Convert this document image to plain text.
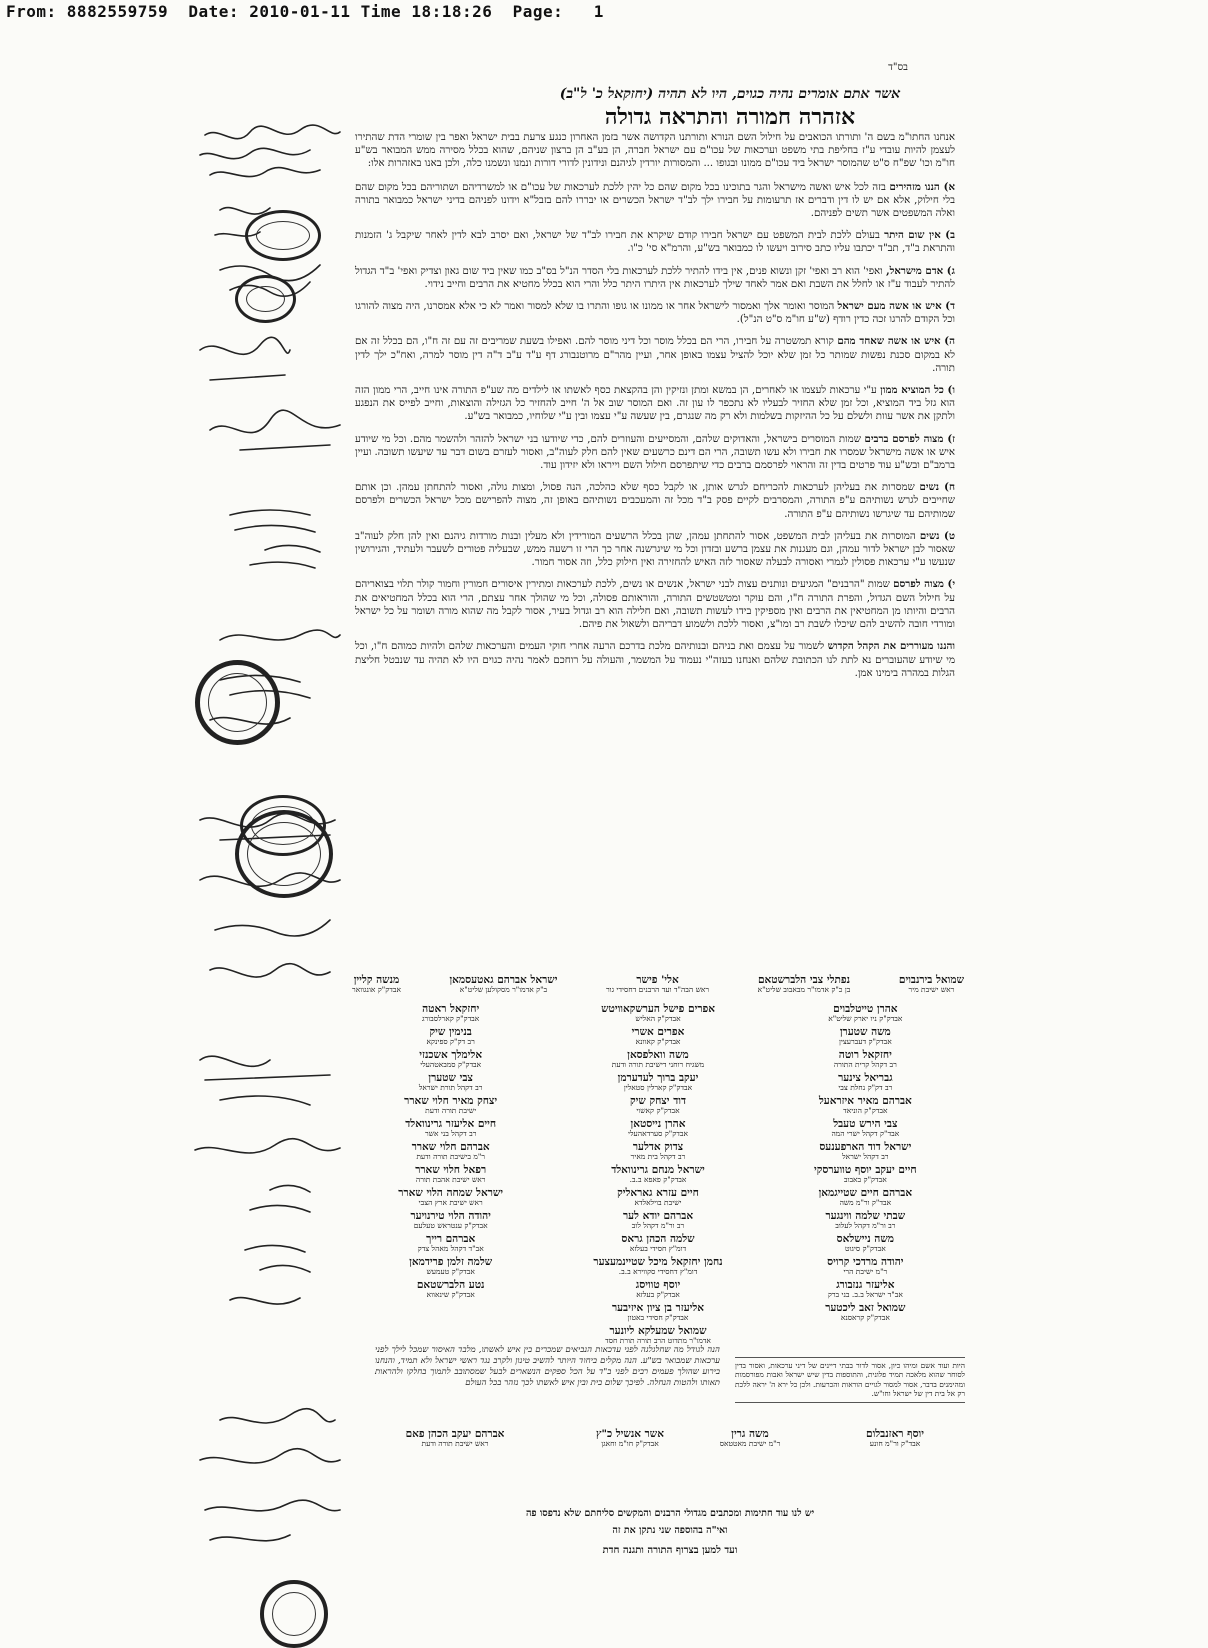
From: 8882559759  Date: 2010-01-11 Time 18:18:26  Page:   1
בס"ד
אשר אתם אומרים נהיה כגוים, היו לא תהיה (יחזקאל כ' ל"ב)
אזהרה חמורה והתראה גדולה

אנחנו החתו"מ בשם ה' ותורתו הכואבים על חילול השם הנורא ותורתנו הקדושה אשר בזמן האחרון כנגע צרעת בבית ישראל ואפר בין שומרי הדת שהתירו לעצמן להיות עובדי ע"ז בחליפת בתי משפט וערכאות של עכו"ם עם ישראל חברה, הן בע"ב הן ברצון שניהם, שהוא בכלל מסירה ממש המבואר בש"ע חו"מ וכו' שפ"ח ס"ט שהמוסר ישראל ביד עכו"ם ממונו ובגופו ... והמסורות יורדין לגיהנם ונידונין לדורי דורות ונמנו ונשמנו כלה, ולכן באנו באזהרות אלו:

א) הננו מזהירים בזה לכל איש ואשה מישראל והגר בתוכינו בכל מקום שהם כל יהין ללכת לערכאות של עכו"ם או למשרדיהם ושתוריהם בכל מקום שהם בלי חילוק, אלא אם יש לו דין ודברים אז תרעומות על חבירו ילך לב"ד ישראל הכשרים או יבררו להם בזבל"א וידונו לפניהם בדיני ישראל כמבואר בתורה ואלה המשפטים אשר תשים לפניהם.

ב) אין שום היתר בעולם ללכת לבית המשפט עם ישראל חבירו קודם שיקרא את חבירו לב"ד של ישראל, ואם יסרב לבא לדין לאחר שיקבל ג' הזמנות והתראת ב"ד, תב"ד יכתבו עליו כתב סירוב ויעשו לו כמבואר בש"ע, והרמ"א סי' כ"ו.

ג) אדם מישראל, ואפי' הוא רב ואפי' זקן ונשוא פנים, אין בידו להתיר ללכת לערכאות בלי הסדר הנ"ל בס"ב כמו שאין ביד שום גאון וצדיק ואפי' ב"ד הגדול להתיר לעבוד ע"ז או לחלל את השבת ואם אמר לאחד שילך לערכאות אין היתרו היתר כלל והרי הוא בכלל מחטיא את הרבים וחייב נידוי.

ד) איש או אשה מעם ישראל המוסר ואומר אלך ואמסור לישראל אחר או ממונו או גופו והתרו בו שלא למסור ואמר לא כי אלא אמסרנו, היה מצוה להורגו וכל הקודם להרגו זכה כדין רודף (ש"ע חו"מ ס"ט הנ"ל).

ה) איש או אשה שאחד מהם קורא תמשטרה על חבירו, הרי הם בכלל מוסר וכל דיני מוסר להם. ואפילו בשעת שמריבים זה עם זה ח"ו, הם בכלל זה אם לא במקום סכנת נפשות שמותר כל זמן שלא יוכל להציל עצמו באופן אחר, ועיין מהר"ם מרוטנבורג דף ע"ד ע"ב ד"ה דין מוסר למרה, ואח"כ ילך לדין תורה.

ו) כל המוציא ממון ע"י ערכאות לעצמו או לאחרים, הן במשא ומתן ונזיקין והן בהקצאת כסף לאשתו או לילדים מה שע"פ התורה אינו חייב, הרי ממון הזה הוא גזל ביד המוציא, וכל זמן שלא החזיר לבעליו לא נתכפר לו עון זה. ואם המוסר שוב אל ה' חייב להחזיר כל הגזילה והוצאות, וחייב לפייס את הנפגע ולתקן את אשר עוות ולשלם על כל ההיזקות בשלמות ולא רק מה שנגרם, בין שעשה ע"י עצמו ובין ע"י שלוחיו, כמבואר בש"ע.

ז) מצוה לפרסם ברבים שמות המוסרים בישראל, והאדוקים שלהם, והמסייעים והעוזרים להם, כדי שיודעו בני ישראל להזהר ולהשמר מהם. וכל מי שיודע איש או אשה מישראל שמסרו את חבירו ולא עשו תשובה, הרי הם דינם כרשעים שאין להם חלק לעוה"ב, ואסור לעזרם בשום דבר עד שיעשו תשובה. ועיין ברמב"ם ובש"ע עוד פרטים בדין זה והראוי לפרסמם ברבים כדי שיתפרסם חילול השם וייראו ולא יזידון עוד.

ח) נשים שמסרות את בעליהן לערכאות להכריחם לגרש אותן, או לקבל כסף שלא כהלכה, הנה פסול, ומצות גולה, ואסור להתחתן עמהן. וכן אותם שחייבים לגרש נשותיהם ע"פ התורה, והמסרבים לקיים פסק ב"ד מכל זה והמעכבים נשותיהם באופן זה, מצוה להפרישם מכל ישראל הכשרים ולפרסם שמותיהם עד שיגרשו נשותיהם ע"פ התורה.

ט) נשים המוסרות את בעליהן לבית המשפט, אסור להתחתן עמהן, שהן בכלל הרשעים המורידין ולא מעלין ובנות מורדות גיהנם ואין להן חלק לעוה"ב שאסור לבן ישראל לדור עמהן, וגם מעגנות את עצמן ברשע ובזדון וכל מי שיגרשנה אחר כך הרי זו רשעה ממש, שבעליה פטורים לשעבר ולעתיד, והגירושין שנעשו ע"י ערכאות פסולין לגמרי ואסורה לבעלה שאסור לזה האיש להחזירה ואין חילוק כלל, וזה אסור חמור.

י) מצוה לפרסם שמות "הרבנים" המגיעים ונותנים עצות לבני ישראל, אנשים או נשים, ללכת לערכאות ומתירין איסורים חמורין וחמור קולר תלוי בצואריהם על חילול השם הגדול, והפרת התורה ח"ו, והם עוקר ומטשטשים התורה, והוראותם פסולה, וכל מי שהולך אחר עצתם, הרי הוא בכלל המחטיאים את הרבים והיותו מן המחטיאין את הרבים ואין מספיקין בידו לעשות תשובה, ואם חלילה הוא רב וגדול בעיר, אסור לקבל מה שהוא מורה ושומר על כל ישראל ומורדי חובה להשיב להם שיכלו לשבת רב ומו"צ, ואסור ללכת ולשמוע דבריהם ולשאול את פיהם.

והננו מעוררים את הקהל הקדוש לשמור על עצמם ואת בניהם ובנותיהם מלכת בדרכם הרעה אחרי חוקי העמים והערכאות שלהם ולהיות כמוהם ח"ו, וכל מי שיודע שהעוברים נא לתת לנו הכתובת שלהם ואנחנו בעזה"י נעמוד על המשמר, והעולה על רוחכם לאמר נהיה כגוים היו לא תהיה עד שנבטל חליצת הגלות במהרה בימינו אמן.

שמואל בירנבוים
ראש ישיבת מיר
נפתלי צבי הלברשטאם
בן כ"ק אדמו"ר מבאבוב שליט"א
אלי' פישר
ראש הבה"ד ועד הרבנים דחסידי גור
ישראל אברהם גאטעסמאן
ב"ק אדמו"ר מסקולען שליט"א
מנשה קליין
אבדק"ק אונגוואר
אהרן טייטלבוים
אבדק"ק ניו יארק שליט"א
אפרים פישל הערשקאוויטש
אבדק"ק האליש
יחזקאל ראטה
אבדק"ק קארלסבורג
משה שטערן
אבדק"ק דעברעצין
אפרים אשרי
אבדק"ק קאוונא
בנימין שיק
רב דק"ק ספינקא
יחזקאל רוטה
רב דקהל קרית התורה
משה וואלפסאן
משגיח רוחני דישיבת תורה ודעת
אלימלך אשכנזי
אבדק"ק סמבאטהעלי
גבריאל צינער
רב דק"ק נחלת צבי
יעקב ברוך לעדערמן
אבדק"ק קארלין סטאלין
צבי שטערן
רב דקהל תורת ישראל
אברהם מאיר איזראעל
אבדק"ק הוניאד
דוד יצחק שיק
אבדק"ק קאשוי
יצחק מאיר חלוי שארר
ישיבת תורה ודעת
צבי הירש טעבל
אבד"ק דקהל ישרי המה
אהרן נייסטאן
אבדק"ק סערדאהעלי
חיים אליעזר גרינוואלד
רב דקהל בני אשר
ישראל דוד הארפענעס
רב דקהל ישראל
צדוק אדלער
רב דקהל בית מאיר
אברהם חלוי שארר
ר"מ בישיבת תורה ודעת
חיים יעקב יוסף טווערסקי
אבדק"ק באבוב
ישראל מנחם גרינוואלד
אבדק"ק פאפא ב.ב.
רפאל חלוי שארר
ראש ישיבת אהבת תורה
אברהם חיים שטייגמאן
אבד"ק ור"מ משה
חיים עזרא גאראליק
ישיבת בוילאלדא
ישראל שמחה הלוי שארר
ראש ישיבת ארץ הצבי
שבתי שלמה ווינגער
רב ור"מ דקהל לעלוב
אברהם יודא לער
רב ור"מ דקהל לוב
יהודה הלוי טירנויער
אבדק"ק ענטראש טעלעם
משה ניישלאס
אבדק"ק סיגוט
שלמה הכהן גראס
דומ"ץ חסידי בעלזא
אברהם רייך
אב"ד דקהל מאהל צדק
יהודה מרדכי קרויס
ר"מ ישיבת הרי
נחמן יחזקאל מיכל שטיינמעצער
דומ"ץ דחסידי סקווירא ב.ב.
שלמה זלמן פרידמאן
אבדק"ק טעמעש
אליעזר גנזבורג
אב"ד ישראל ב.ב. בני ברק
יוסף טוויסג
אבדק"ק בעלזא
נטע הלברשטאם
אבדק"ק שינאווא
שמואל זאב ליכטער
אבדק"ק קראסנא
אליעזר בן ציון איזיבער
אבדק"ק חסידי באטון
שמואל שמעלקא ליונער
אדמו"ר מתדוט הרב תורה תורת חסד
הנה לגודל מה שחלגלגה לפני עדכאות הנביאים שמכרים בין איש לאשתו, מלבד האיסור שמכל לילך לפני ערכאות שמבואר בש"ע. הנה מקלים ביחוד היותר להשיב טינון ולקרב נגד ראשי ישראל ולא תמיד, והנחנו בירוע שהולך פעמים רבים לפני ב"ד על הכל ספקים הנשארים לבעל שמסתובב לתמוך בחלקו ולהראות תאותו ולהטות הנחלה. לפיכך שלום בית ובין איש לאשתו לכך נזהר בכל העולם
היות ועוד אשם ומיהו כיון, אסור לדור בבתי דיינים של דיני ערכאות, ואסור בדין לסוחר שהוא מלאכה תמיד פלונית, והתוספות בדין שיש ישראל ואבות מפורסמות ומהימנים בדבר, אסור למסור לגויים הוראות והכרעות. ולכן כל ירא ה' יראה ללכת רק אל בית דין של ישראל וחו"ש.
יוסף ראזנבלום
אבד"ק ור"מ חונע
משה גרין
ר"מ ישיבת מאטטאס
אשר אנשיל כ"ץ
אבדק"ק חו"מ וחאגן
אברהם יעקב הכהן פאם
ראש ישיבת תורה ודעת
יש לנו עוד חתימות ומכתבים מגדולי הרבנים והמקשים סליחתם שלא נדפסו פה
ואי"ה בהוספה שני נתקן את זה
ועד למען בצרוף התורה ותגנה חדת
